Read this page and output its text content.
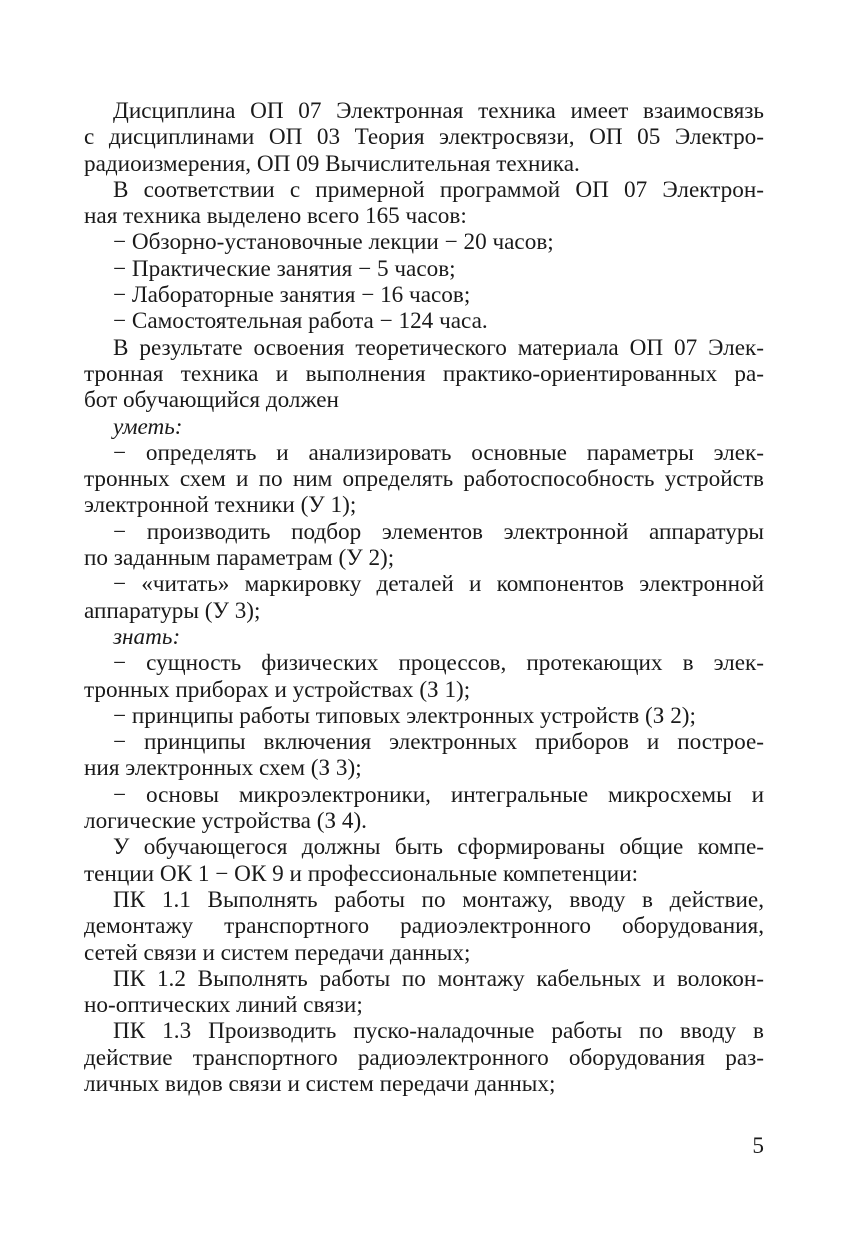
Дисциплина ОП 07 Электронная техника имеет взаимосвязь
с дисциплинами ОП 03 Теория электросвязи, ОП 05 Электро-
радиоизмерения, ОП 09 Вычислительная техника.
В соответствии с примерной программой ОП 07 Электрон-
ная техника выделено всего 165 часов:
− Обзорно-установочные лекции − 20 часов;
− Практические занятия − 5 часов;
− Лабораторные занятия − 16 часов;
− Самостоятельная работа − 124 часа.
В результате освоения теоретического материала ОП 07 Элек-
тронная техника и выполнения практико-ориентированных ра-
бот обучающийся должен
уметь:
− определять и анализировать основные параметры элек-
тронных схем и по ним определять работоспособность устройств
электронной техники (У 1);
− производить подбор элементов электронной аппаратуры
по заданным параметрам (У 2);
− «читать» маркировку деталей и компонентов электронной
аппаратуры (У 3);
знать:
− сущность физических процессов, протекающих в элек-
тронных приборах и устройствах (З 1);
− принципы работы типовых электронных устройств (З 2);
− принципы включения электронных приборов и построе-
ния электронных схем (З 3);
− основы микроэлектроники, интегральные микросхемы и
логические устройства (З 4).
У обучающегося должны быть сформированы общие компе-
тенции ОК 1 − ОК 9 и профессиональные компетенции:
ПК 1.1 Выполнять работы по монтажу, вводу в действие,
демонтажу транспортного радиоэлектронного оборудования,
сетей связи и систем передачи данных;
ПК 1.2 Выполнять работы по монтажу кабельных и волокон-
но-оптических линий связи;
ПК 1.3 Производить пуско-наладочные работы по вводу в
действие транспортного радиоэлектронного оборудования раз-
личных видов связи и систем передачи данных;
5
